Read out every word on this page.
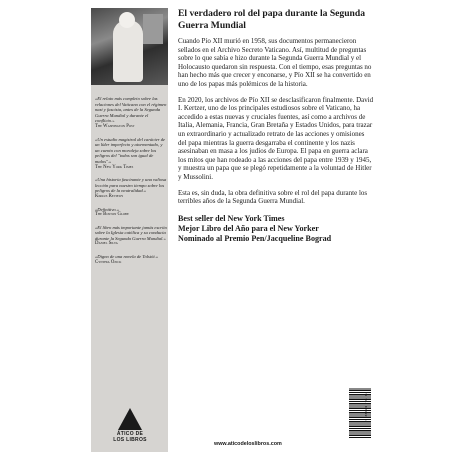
«El relato más completo sobre las relaciones del Vaticano con el régimen nazi y fascista, antes de la Segunda Guerra Mundial y durante el conflicto.»
The Washington Post
«Un estudio magistral del carácter de un líder imperfecto y atormentado, y un cuento con moraleja sobre los peligros del "todos son igual de malos".»
The New York Times
«Una historia fascinante y una valiosa lección para nuestro tiempo sobre los peligros de la neutralidad.»
Kirkus Reviews
«Definitivo.»
The Boston Globe
«El libro más importante jamás escrito sobre la Iglesia católica y su conducta durante la Segunda Guerra Mundial.»
Daniel Silva
«Digno de una novela de Tolstói.»
Cynthia Ozick
ÁTICO DE
LOS LIBROS
El verdadero rol del papa durante la Segunda Guerra Mundial

Cuando Pío XII murió en 1958, sus documentos permanecieron sellados en el Archivo Secreto Vaticano. Así, multitud de preguntas sobre lo que sabía e hizo durante la Segunda Guerra Mundial y el Holocausto quedaron sin respuesta. Con el tiempo, esas preguntas no han hecho más que crecer y enconarse, y Pío XII se ha convertido en uno de los papas más polémicos de la historia.

En 2020, los archivos de Pío XII se desclasificaron finalmente. David I. Kertzer, uno de los principales estudiosos sobre el Vaticano, ha accedido a estas nuevas y cruciales fuentes, así como a archivos de Italia, Alemania, Francia, Gran Bretaña y Estados Unidos, para trazar un extraordinario y actualizado retrato de las acciones y omisiones del papa mientras la guerra desgarraba el continente y los nazis asesinaban en masa a los judíos de Europa. El papa en guerra aclara los mitos que han rodeado a las acciones del papa entre 1939 y 1945, y muestra un papa que se plegó repetidamente a la voluntad de Hitler y Mussolini.

Esta es, sin duda, la obra definitiva sobre el rol del papa durante los terribles años de la Segunda Guerra Mundial.

Best seller del New York Times
Mejor Libro del Año para el New Yorker
Nominado al Premio Pen/Jacqueline Bograd
9 788418 703703
www.aticodeloslibros.com
